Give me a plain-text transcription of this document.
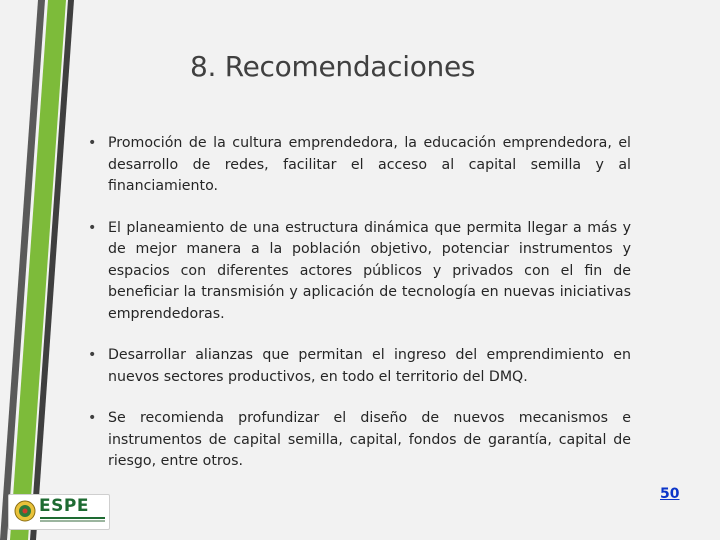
8. Recomendaciones
• Promoción de la cultura emprendedora, la educación emprendedora, el desarrollo de redes, facilitar el acceso al capital semilla y al financiamiento.
• El planeamiento de una estructura dinámica que permita llegar a más y de mejor manera a la población objetivo, potenciar instrumentos y espacios con diferentes actores públicos y privados con el fin de beneficiar la transmisión y aplicación de tecnología en nuevas iniciativas emprendedoras.
• Desarrollar alianzas que permitan el ingreso del emprendimiento en nuevos sectores productivos, en todo el territorio del DMQ.
• Se recomienda profundizar el diseño de nuevos mecanismos e instrumentos de capital semilla, capital, fondos de garantía, capital de riesgo, entre otros.
ESPE
50
